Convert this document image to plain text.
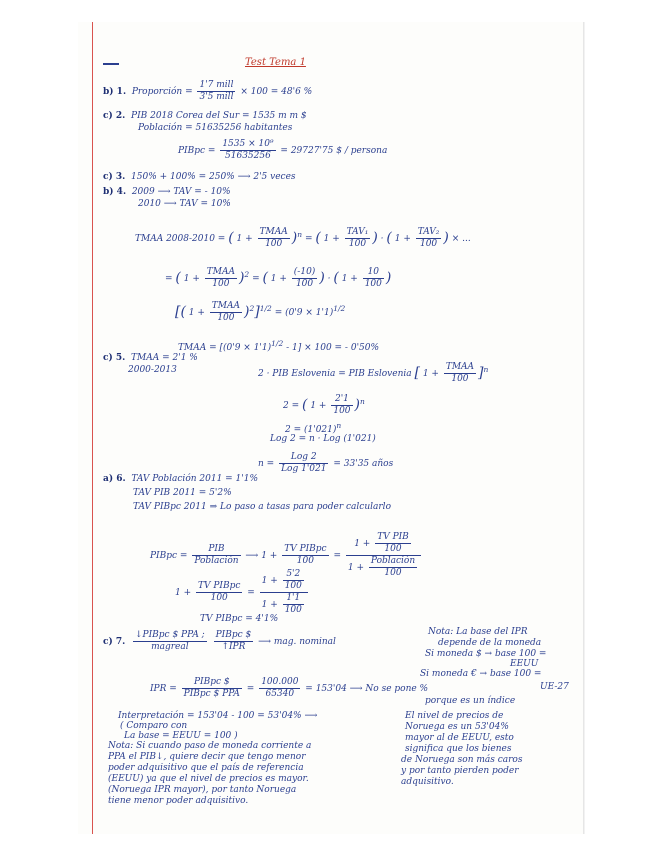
Test Tema 1
b) 1. Proporción = $\frac{\text{1'7 mill}}{\text{3'5 mill}} \times 100 = 48'6$ %
c) 2. PIB 2018 Corea del Sur = 1535 m m $
Población = 51635256 habitantes
PIBpc = $\frac{\text{1535 × 10⁹}}{51635256} = 29727'75$ $ / persona
c) 3. 150% + 100% = 250% ⟶ 2'5 veces
b) 4. 2009 ⟶ TAV = - 10%
2010 ⟶ TAV = 10%
TMAA 2008-2010 = ( $1 + \frac{\text{TMAA}}{100} )^n$ = ( $1 + \frac{\text{TAV₁}}{100}$ ) · ( $1 + \frac{\text{TAV₂}}{100}$ ) × ...
= ( $1 + \frac{\text{TMAA}}{100} )^2$ = ( $1 + \frac{(-10)}{100}$ ) · ( $1 + \frac{10}{100}$ )
[( $1 + \frac{\text{TMAA}}{100} )^2]^{1/2} = (0'9 \times 1'1)^{1/2}$
TMAA = $[(0'9 \times 1'1)^{1/2} - 1] \times 100$ = - 0'50%
c) 5. TMAA = 2'1 %
2000-2013	2 · PIB Eslovenia = PIB Eslovenia [ $1 + \frac{\text{TMAA}}{100} ]^n$
2 = ( $1 + \frac{2'1}{100} )^n$
$2 = (1'021)^n$
Log 2 = n · Log (1'021)
$n = \frac{\text{Log 2}}{\text{Log 1'021}} = 33'35$ años
a) 6. TAV Población 2011 = 1'1%
TAV PIB 2011 = 5'2%
TAV PIBpc 2011 ⇒ Lo paso a tasas para poder calcularlo
PIBpc = $\frac{\text{PIB}}{\text{Población}}$ ⟶ $1 + \frac{\text{TV PIBpc}}{100} = \frac{1 + \frac{\text{TV PIB}}{100}}{1 + \frac{\text{Población}}{100}}$
$1 + \frac{\text{TV PIBpc}}{100} = \frac{1 + \frac{5'2}{100}}{1 + \frac{1'1}{100}}$
TV PIBpc = 4'1%
c) 7. $\frac{\text{↓PIBpc \$ PPA ;}}{\text{magreal}}$
$\frac{\text{PIBpc \$}}{\text{↑IPR}}$ ⟶ mag. nominal
IPR = $\frac{\text{PIBpc \$}}{\text{PIBpc \$ PPA}} = \frac{100.000}{65340} = 153'04$ ⟶ No se pone %
porque es un índice
Nota: La base del IPR
depende de la moneda
Si moneda $ → base 100 =
EEUU
Si moneda € → base 100 =
UE-27
Interpretación = 153'04 - 100 = 53'04% ⟶
( Comparo con
La base = EEUU = 100 )
Nota: Si cuando paso de moneda corriente a
PPA el PIB↓, quiere decir que tengo menor
poder adquisitivo que el país de referencia
(EEUU) ya que el nivel de precios es mayor.
(Noruega IPR mayor), por tanto Noruega
tiene menor poder adquisitivo.
El nivel de precios de
Noruega es un 53'04%
mayor al de EEUU, esto
significa que los bienes
de Noruega son más caros
y por tanto pierden poder
adquisitivo.
